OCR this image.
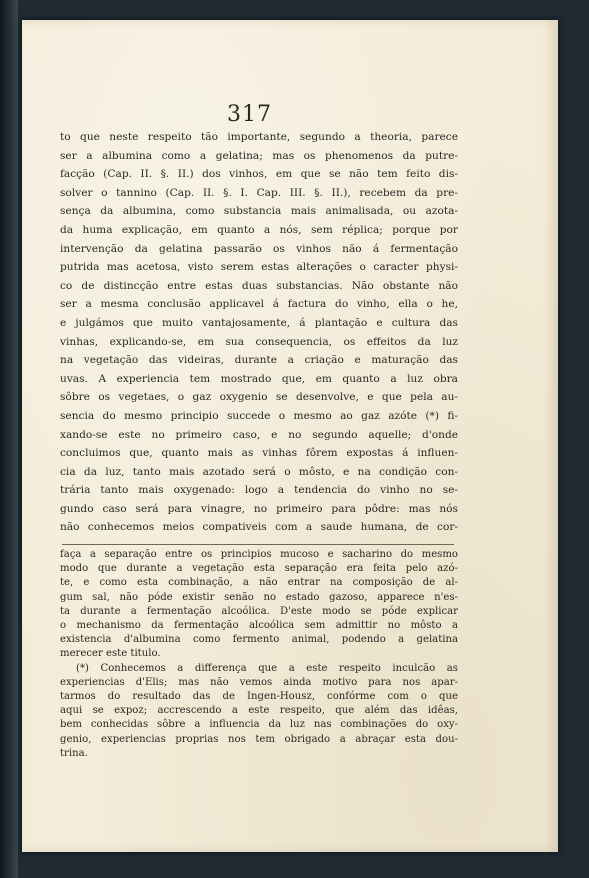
317
to que neste respeito tão importante, segundo a theoria, parece
ser a albumina como a gelatina; mas os phenomenos da putre-
facção (Cap. II. §. II.) dos vinhos, em que se não tem feito dis-
solver o tannino (Cap. II. §. I. Cap. III. §. II.), recebem da pre-
sença da albumina, como substancia mais animalisada, ou azota-
da huma explicação, em quanto a nós, sem réplica; porque por
intervenção da gelatina passarão os vinhos não á fermentação
putrida mas acetosa, visto serem estas alterações o caracter physi-
co de distincção entre estas duas substancias. Não obstante não
ser a mesma conclusão applicavel á factura do vinho, ella o he,
e julgámos que muito vantajosamente, á plantação e cultura das
vinhas, explicando-se, em sua consequencia, os effeitos da luz
na vegetação das videiras, durante a criação e maturação das
uvas. A experiencia tem mostrado que, em quanto a luz obra
sôbre os vegetaes, o gaz oxygenio se desenvolve, e que pela au-
sencia do mesmo principio succede o mesmo ao gaz azóte (*) fi-
xando-se este no primeiro caso, e no segundo aquelle; d'onde
concluimos que, quanto mais as vinhas fôrem expostas á influen-
cia da luz, tanto mais azotado será o môsto, e na condição con-
trária tanto mais oxygenado: logo a tendencia do vinho no se-
gundo caso será para vinagre, no primeiro para pôdre: mas nós
não conhecemos meios compativeis com a saude humana, de cor-
faça a separação entre os principios mucoso e sacharino do mesmo
modo que durante a vegetação esta separação era feita pelo azó-
te, e como esta combinação, a não entrar na composição de al-
gum sal, não póde existir senão no estado gazoso, apparece n'es-
ta durante a fermentação alcoólica. D'este modo se póde explicar
o mechanismo da fermentação alcoólica sem admittir no môsto a
existencia d'albumina como fermento animal, podendo a gelatina
merecer este titulo.
(*) Conhecemos a differença que a este respeito inculcão as
experiencias d'Elis; mas não vemos ainda motivo para nos apar-
tarmos do resultado das de Ingen-Housz, confórme com o que
aqui se expoz; accrescendo a este respeito, que além das idêas,
bem conhecidas sôbre a influencia da luz nas combinações do oxy-
genio, experiencias proprias nos tem obrigado a abraçar esta dou-
trina.
